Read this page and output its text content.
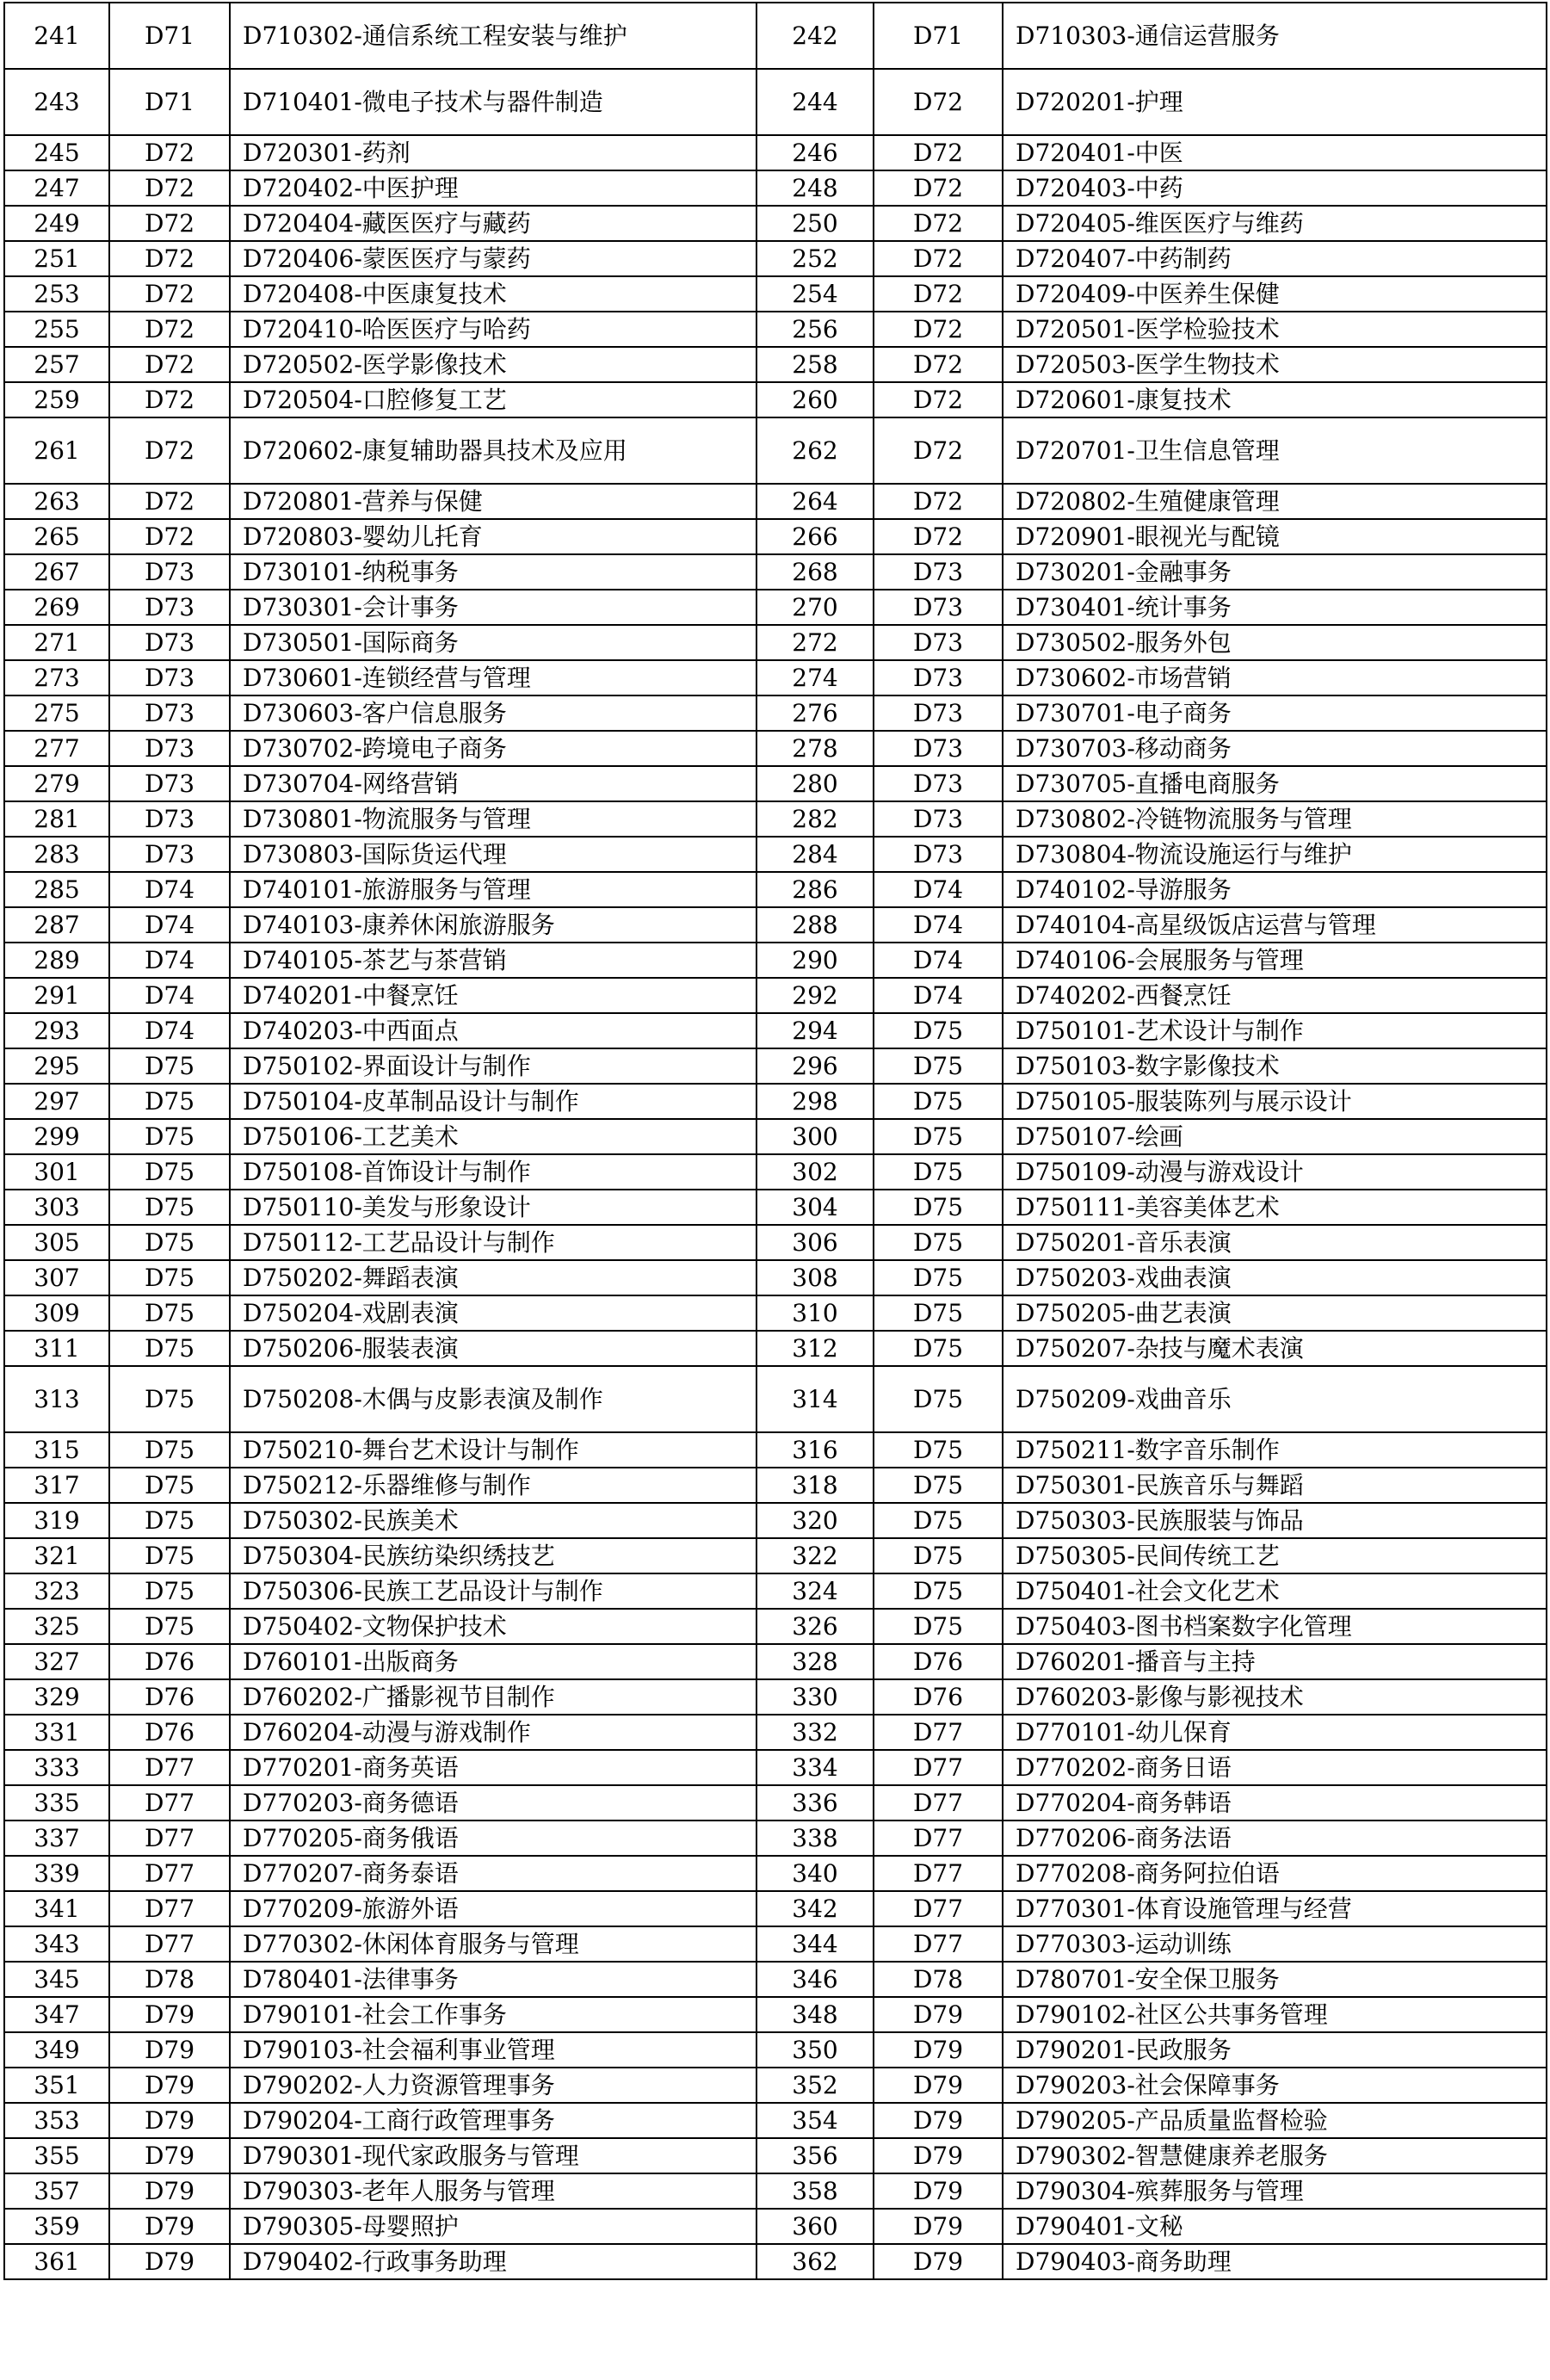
241	D71	D710302-通信系统工程安装与维护	242	D71	D710303-通信运营服务
243	D71	D710401-微电子技术与器件制造	244	D72	D720201-护理
245	D72	D720301-药剂	246	D72	D720401-中医
247	D72	D720402-中医护理	248	D72	D720403-中药
249	D72	D720404-藏医医疗与藏药	250	D72	D720405-维医医疗与维药
251	D72	D720406-蒙医医疗与蒙药	252	D72	D720407-中药制药
253	D72	D720408-中医康复技术	254	D72	D720409-中医养生保健
255	D72	D720410-哈医医疗与哈药	256	D72	D720501-医学检验技术
257	D72	D720502-医学影像技术	258	D72	D720503-医学生物技术
259	D72	D720504-口腔修复工艺	260	D72	D720601-康复技术
261	D72	D720602-康复辅助器具技术及应用	262	D72	D720701-卫生信息管理
263	D72	D720801-营养与保健	264	D72	D720802-生殖健康管理
265	D72	D720803-婴幼儿托育	266	D72	D720901-眼视光与配镜
267	D73	D730101-纳税事务	268	D73	D730201-金融事务
269	D73	D730301-会计事务	270	D73	D730401-统计事务
271	D73	D730501-国际商务	272	D73	D730502-服务外包
273	D73	D730601-连锁经营与管理	274	D73	D730602-市场营销
275	D73	D730603-客户信息服务	276	D73	D730701-电子商务
277	D73	D730702-跨境电子商务	278	D73	D730703-移动商务
279	D73	D730704-网络营销	280	D73	D730705-直播电商服务
281	D73	D730801-物流服务与管理	282	D73	D730802-冷链物流服务与管理
283	D73	D730803-国际货运代理	284	D73	D730804-物流设施运行与维护
285	D74	D740101-旅游服务与管理	286	D74	D740102-导游服务
287	D74	D740103-康养休闲旅游服务	288	D74	D740104-高星级饭店运营与管理
289	D74	D740105-茶艺与茶营销	290	D74	D740106-会展服务与管理
291	D74	D740201-中餐烹饪	292	D74	D740202-西餐烹饪
293	D74	D740203-中西面点	294	D75	D750101-艺术设计与制作
295	D75	D750102-界面设计与制作	296	D75	D750103-数字影像技术
297	D75	D750104-皮革制品设计与制作	298	D75	D750105-服装陈列与展示设计
299	D75	D750106-工艺美术	300	D75	D750107-绘画
301	D75	D750108-首饰设计与制作	302	D75	D750109-动漫与游戏设计
303	D75	D750110-美发与形象设计	304	D75	D750111-美容美体艺术
305	D75	D750112-工艺品设计与制作	306	D75	D750201-音乐表演
307	D75	D750202-舞蹈表演	308	D75	D750203-戏曲表演
309	D75	D750204-戏剧表演	310	D75	D750205-曲艺表演
311	D75	D750206-服装表演	312	D75	D750207-杂技与魔术表演
313	D75	D750208-木偶与皮影表演及制作	314	D75	D750209-戏曲音乐
315	D75	D750210-舞台艺术设计与制作	316	D75	D750211-数字音乐制作
317	D75	D750212-乐器维修与制作	318	D75	D750301-民族音乐与舞蹈
319	D75	D750302-民族美术	320	D75	D750303-民族服装与饰品
321	D75	D750304-民族纺染织绣技艺	322	D75	D750305-民间传统工艺
323	D75	D750306-民族工艺品设计与制作	324	D75	D750401-社会文化艺术
325	D75	D750402-文物保护技术	326	D75	D750403-图书档案数字化管理
327	D76	D760101-出版商务	328	D76	D760201-播音与主持
329	D76	D760202-广播影视节目制作	330	D76	D760203-影像与影视技术
331	D76	D760204-动漫与游戏制作	332	D77	D770101-幼儿保育
333	D77	D770201-商务英语	334	D77	D770202-商务日语
335	D77	D770203-商务德语	336	D77	D770204-商务韩语
337	D77	D770205-商务俄语	338	D77	D770206-商务法语
339	D77	D770207-商务泰语	340	D77	D770208-商务阿拉伯语
341	D77	D770209-旅游外语	342	D77	D770301-体育设施管理与经营
343	D77	D770302-休闲体育服务与管理	344	D77	D770303-运动训练
345	D78	D780401-法律事务	346	D78	D780701-安全保卫服务
347	D79	D790101-社会工作事务	348	D79	D790102-社区公共事务管理
349	D79	D790103-社会福利事业管理	350	D79	D790201-民政服务
351	D79	D790202-人力资源管理事务	352	D79	D790203-社会保障事务
353	D79	D790204-工商行政管理事务	354	D79	D790205-产品质量监督检验
355	D79	D790301-现代家政服务与管理	356	D79	D790302-智慧健康养老服务
357	D79	D790303-老年人服务与管理	358	D79	D790304-殡葬服务与管理
359	D79	D790305-母婴照护	360	D79	D790401-文秘
361	D79	D790402-行政事务助理	362	D79	D790403-商务助理
